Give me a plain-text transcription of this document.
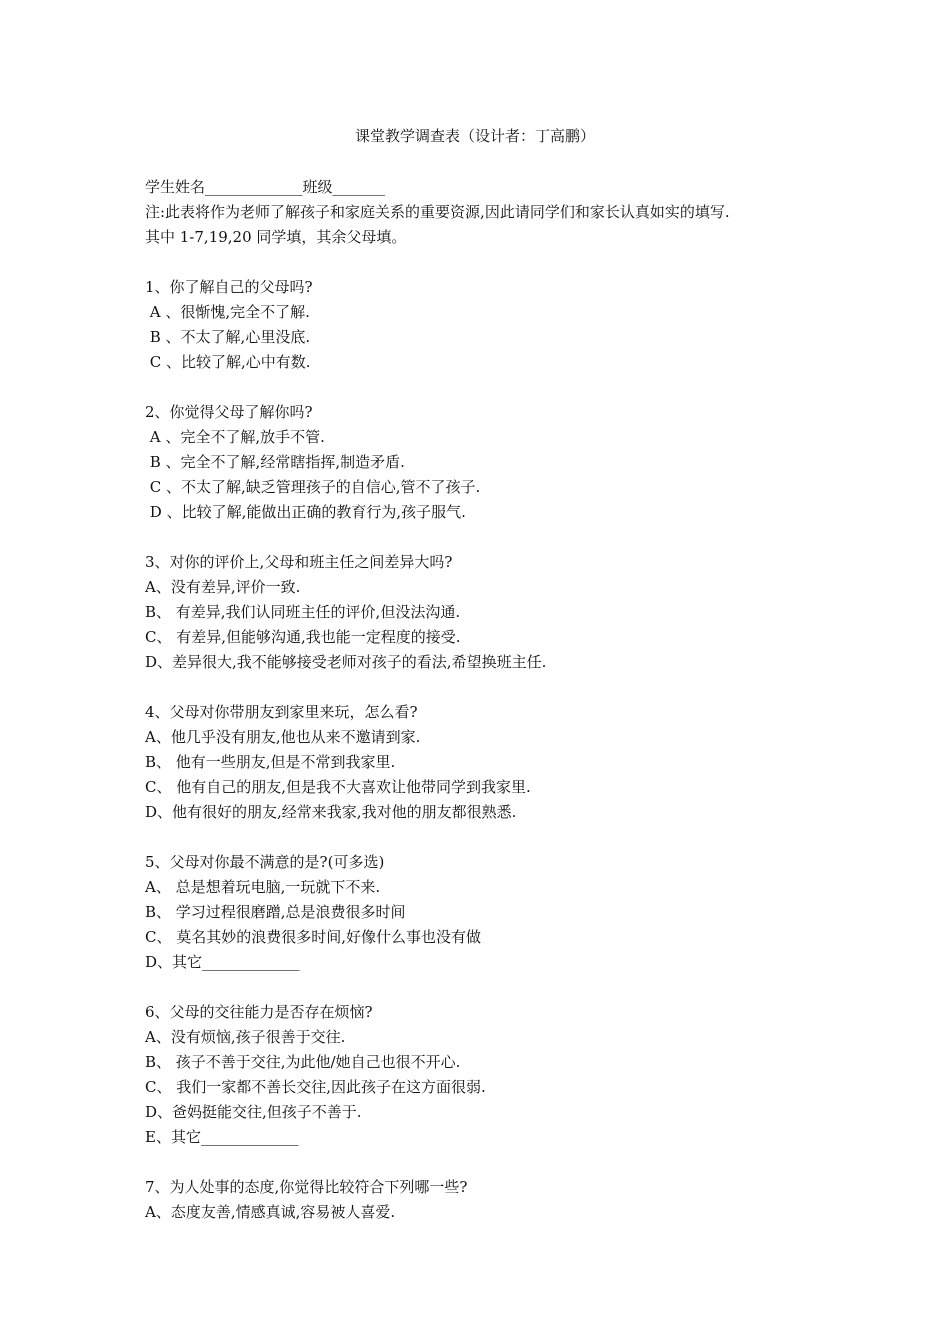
课堂教学调查表（设计者：丁高鹏）
学生姓名_____________班级_______
注:此表将作为老师了解孩子和家庭关系的重要资源,因此请同学们和家长认真如实的填写.
其中 1-7,19,20 同学填，其余父母填。
1、你了解自己的父母吗?
A 、很惭愧,完全不了解.
B 、不太了解,心里没底.
C 、比较了解,心中有数.
2、你觉得父母了解你吗?
A 、完全不了解,放手不管.
B 、完全不了解,经常瞎指挥,制造矛盾.
C 、不太了解,缺乏管理孩子的自信心,管不了孩子.
D 、比较了解,能做出正确的教育行为,孩子服气.
3、对你的评价上,父母和班主任之间差异大吗?
A、没有差异,评价一致.
B、 有差异,我们认同班主任的评价,但没法沟通.
C、 有差异,但能够沟通,我也能一定程度的接受.
D、差异很大,我不能够接受老师对孩子的看法,希望换班主任.
4、父母对你带朋友到家里来玩，怎么看?
A、他几乎没有朋友,他也从来不邀请到家.
B、 他有一些朋友,但是不常到我家里.
C、 他有自己的朋友,但是我不大喜欢让他带同学到我家里.
D、他有很好的朋友,经常来我家,我对他的朋友都很熟悉.
5、父母对你最不满意的是?(可多选)
A、 总是想着玩电脑,一玩就下不来.
B、 学习过程很磨蹭,总是浪费很多时间
C、 莫名其妙的浪费很多时间,好像什么事也没有做
D、其它_____________
6、父母的交往能力是否存在烦恼?
A、没有烦恼,孩子很善于交往.
B、 孩子不善于交往,为此他/她自己也很不开心.
C、 我们一家都不善长交往,因此孩子在这方面很弱.
D、爸妈挺能交往,但孩子不善于.
E、其它_____________
7、为人处事的态度,你觉得比较符合下列哪一些?
A、态度友善,情感真诚,容易被人喜爱.
